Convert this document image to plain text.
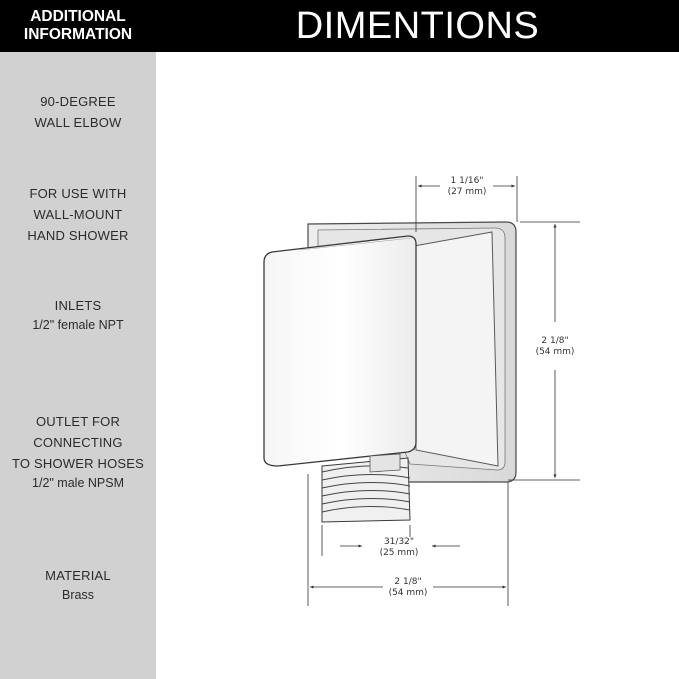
ADDITIONAL
INFORMATION	DIMENTIONS
90-DEGREE
WALL ELBOW
FOR USE WITH
WALL-MOUNT
HAND SHOWER
INLETS
1/2" female NPT
OUTLET FOR
CONNECTING
TO SHOWER HOSES
1/2" male NPSM
MATERIAL
Brass
1 1/16"
(27 mm)
2 1/8"
(54 mm)
31/32"
(25 mm)
2 1/8"
(54 mm)
